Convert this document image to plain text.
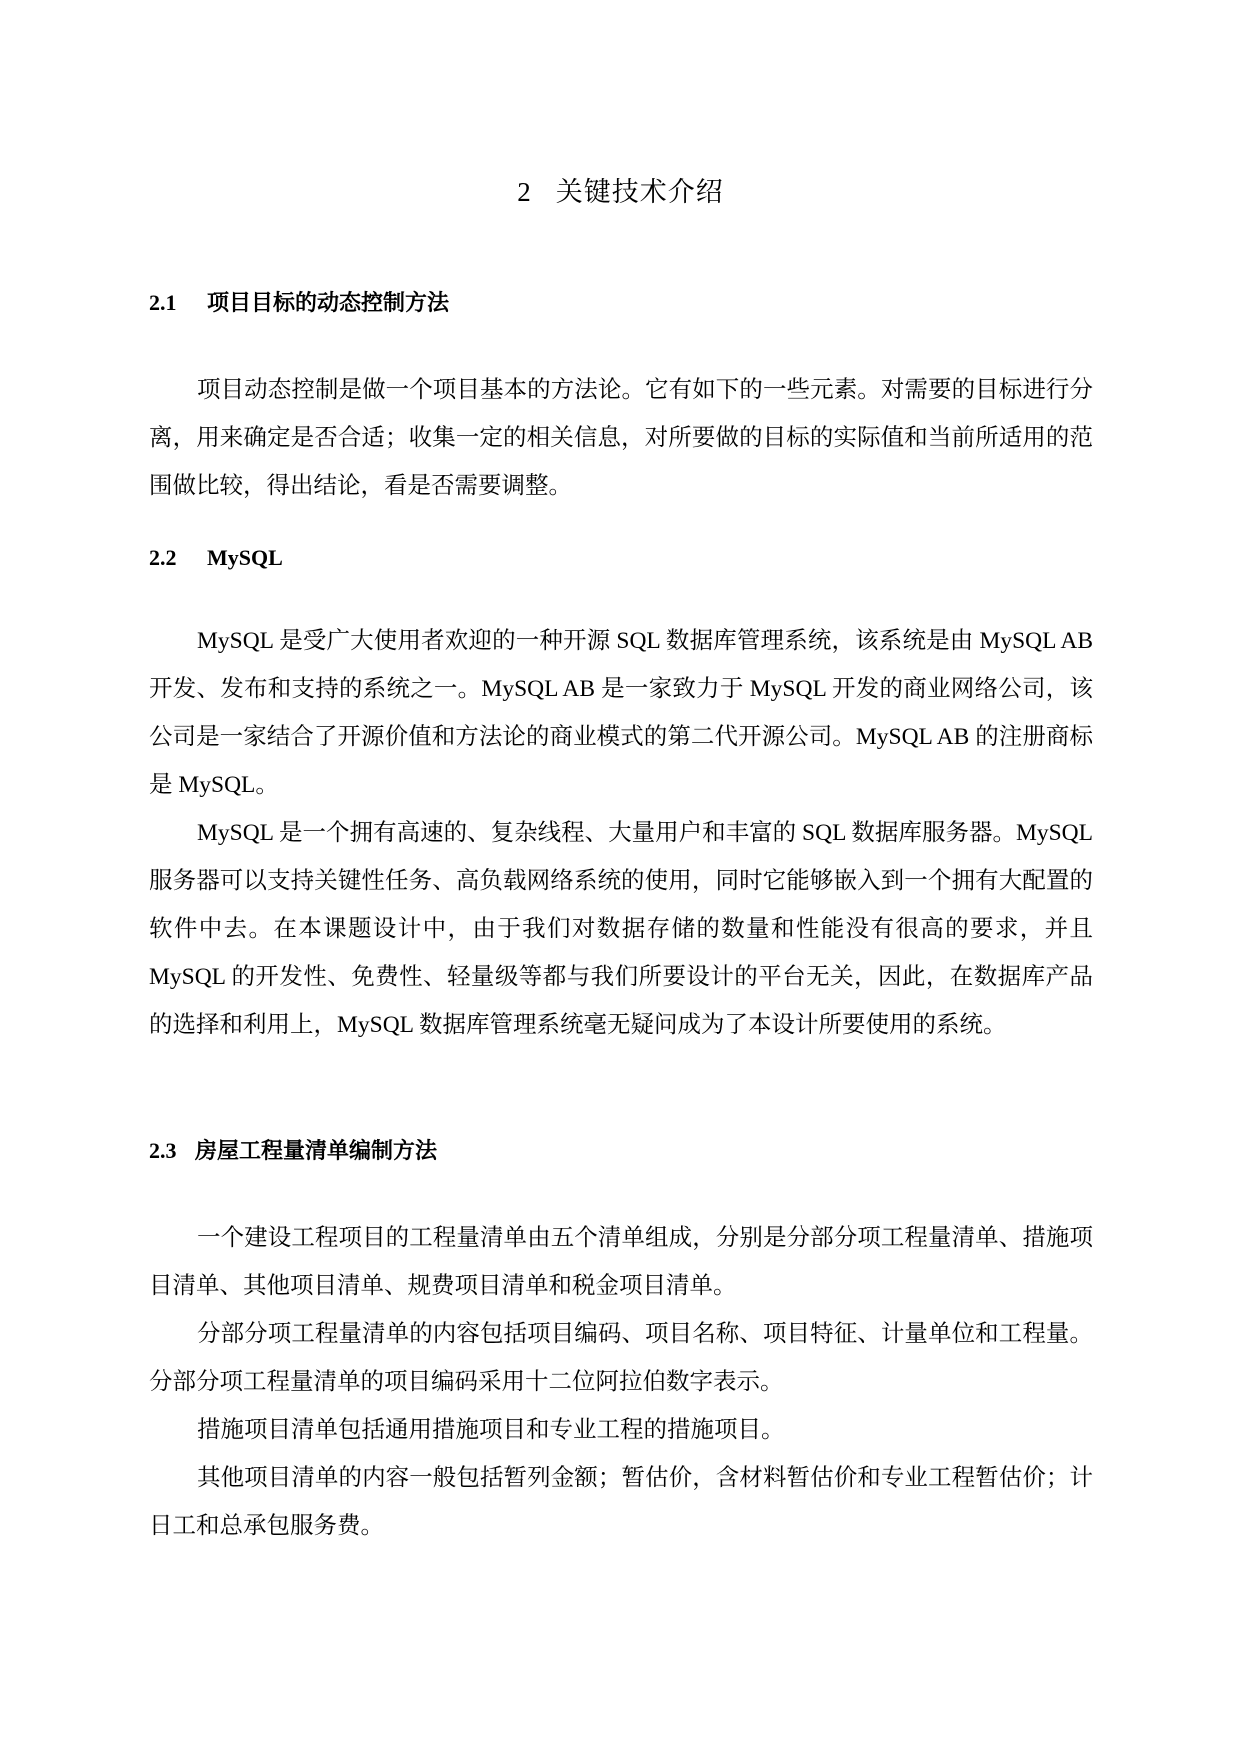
2 关键技术介绍
2.1 项目目标的动态控制方法

项目动态控制是做一个项目基本的方法论。它有如下的一些元素。对需要的目标进行分离，用来确定是否合适；收集一定的相关信息，对所要做的目标的实际值和当前所适用的范围做比较，得出结论，看是否需要调整。

2.2 MySQL

MySQL 是受广大使用者欢迎的一种开源 SQL 数据库管理系统，该系统是由 MySQL AB 开发、发布和支持的系统之一。MySQL AB 是一家致力于 MySQL 开发的商业网络公司，该公司是一家结合了开源价值和方法论的商业模式的第二代开源公司。MySQL AB 的注册商标是 MySQL。

MySQL 是一个拥有高速的、复杂线程、大量用户和丰富的 SQL 数据库服务器。MySQL 服务器可以支持关键性任务、高负载网络系统的使用，同时它能够嵌入到一个拥有大配置的软件中去。在本课题设计中，由于我们对数据存储的数量和性能没有很高的要求，并且 MySQL 的开发性、免费性、轻量级等都与我们所要设计的平台无关，因此，在数据库产品的选择和利用上，MySQL 数据库管理系统毫无疑问成为了本设计所要使用的系统。

2.3 房屋工程量清单编制方法

一个建设工程项目的工程量清单由五个清单组成，分别是分部分项工程量清单、措施项目清单、其他项目清单、规费项目清单和税金项目清单。

分部分项工程量清单的内容包括项目编码、项目名称、项目特征、计量单位和工程量。分部分项工程量清单的项目编码采用十二位阿拉伯数字表示。

措施项目清单包括通用措施项目和专业工程的措施项目。

其他项目清单的内容一般包括暂列金额；暂估价，含材料暂估价和专业工程暂估价；计日工和总承包服务费。
